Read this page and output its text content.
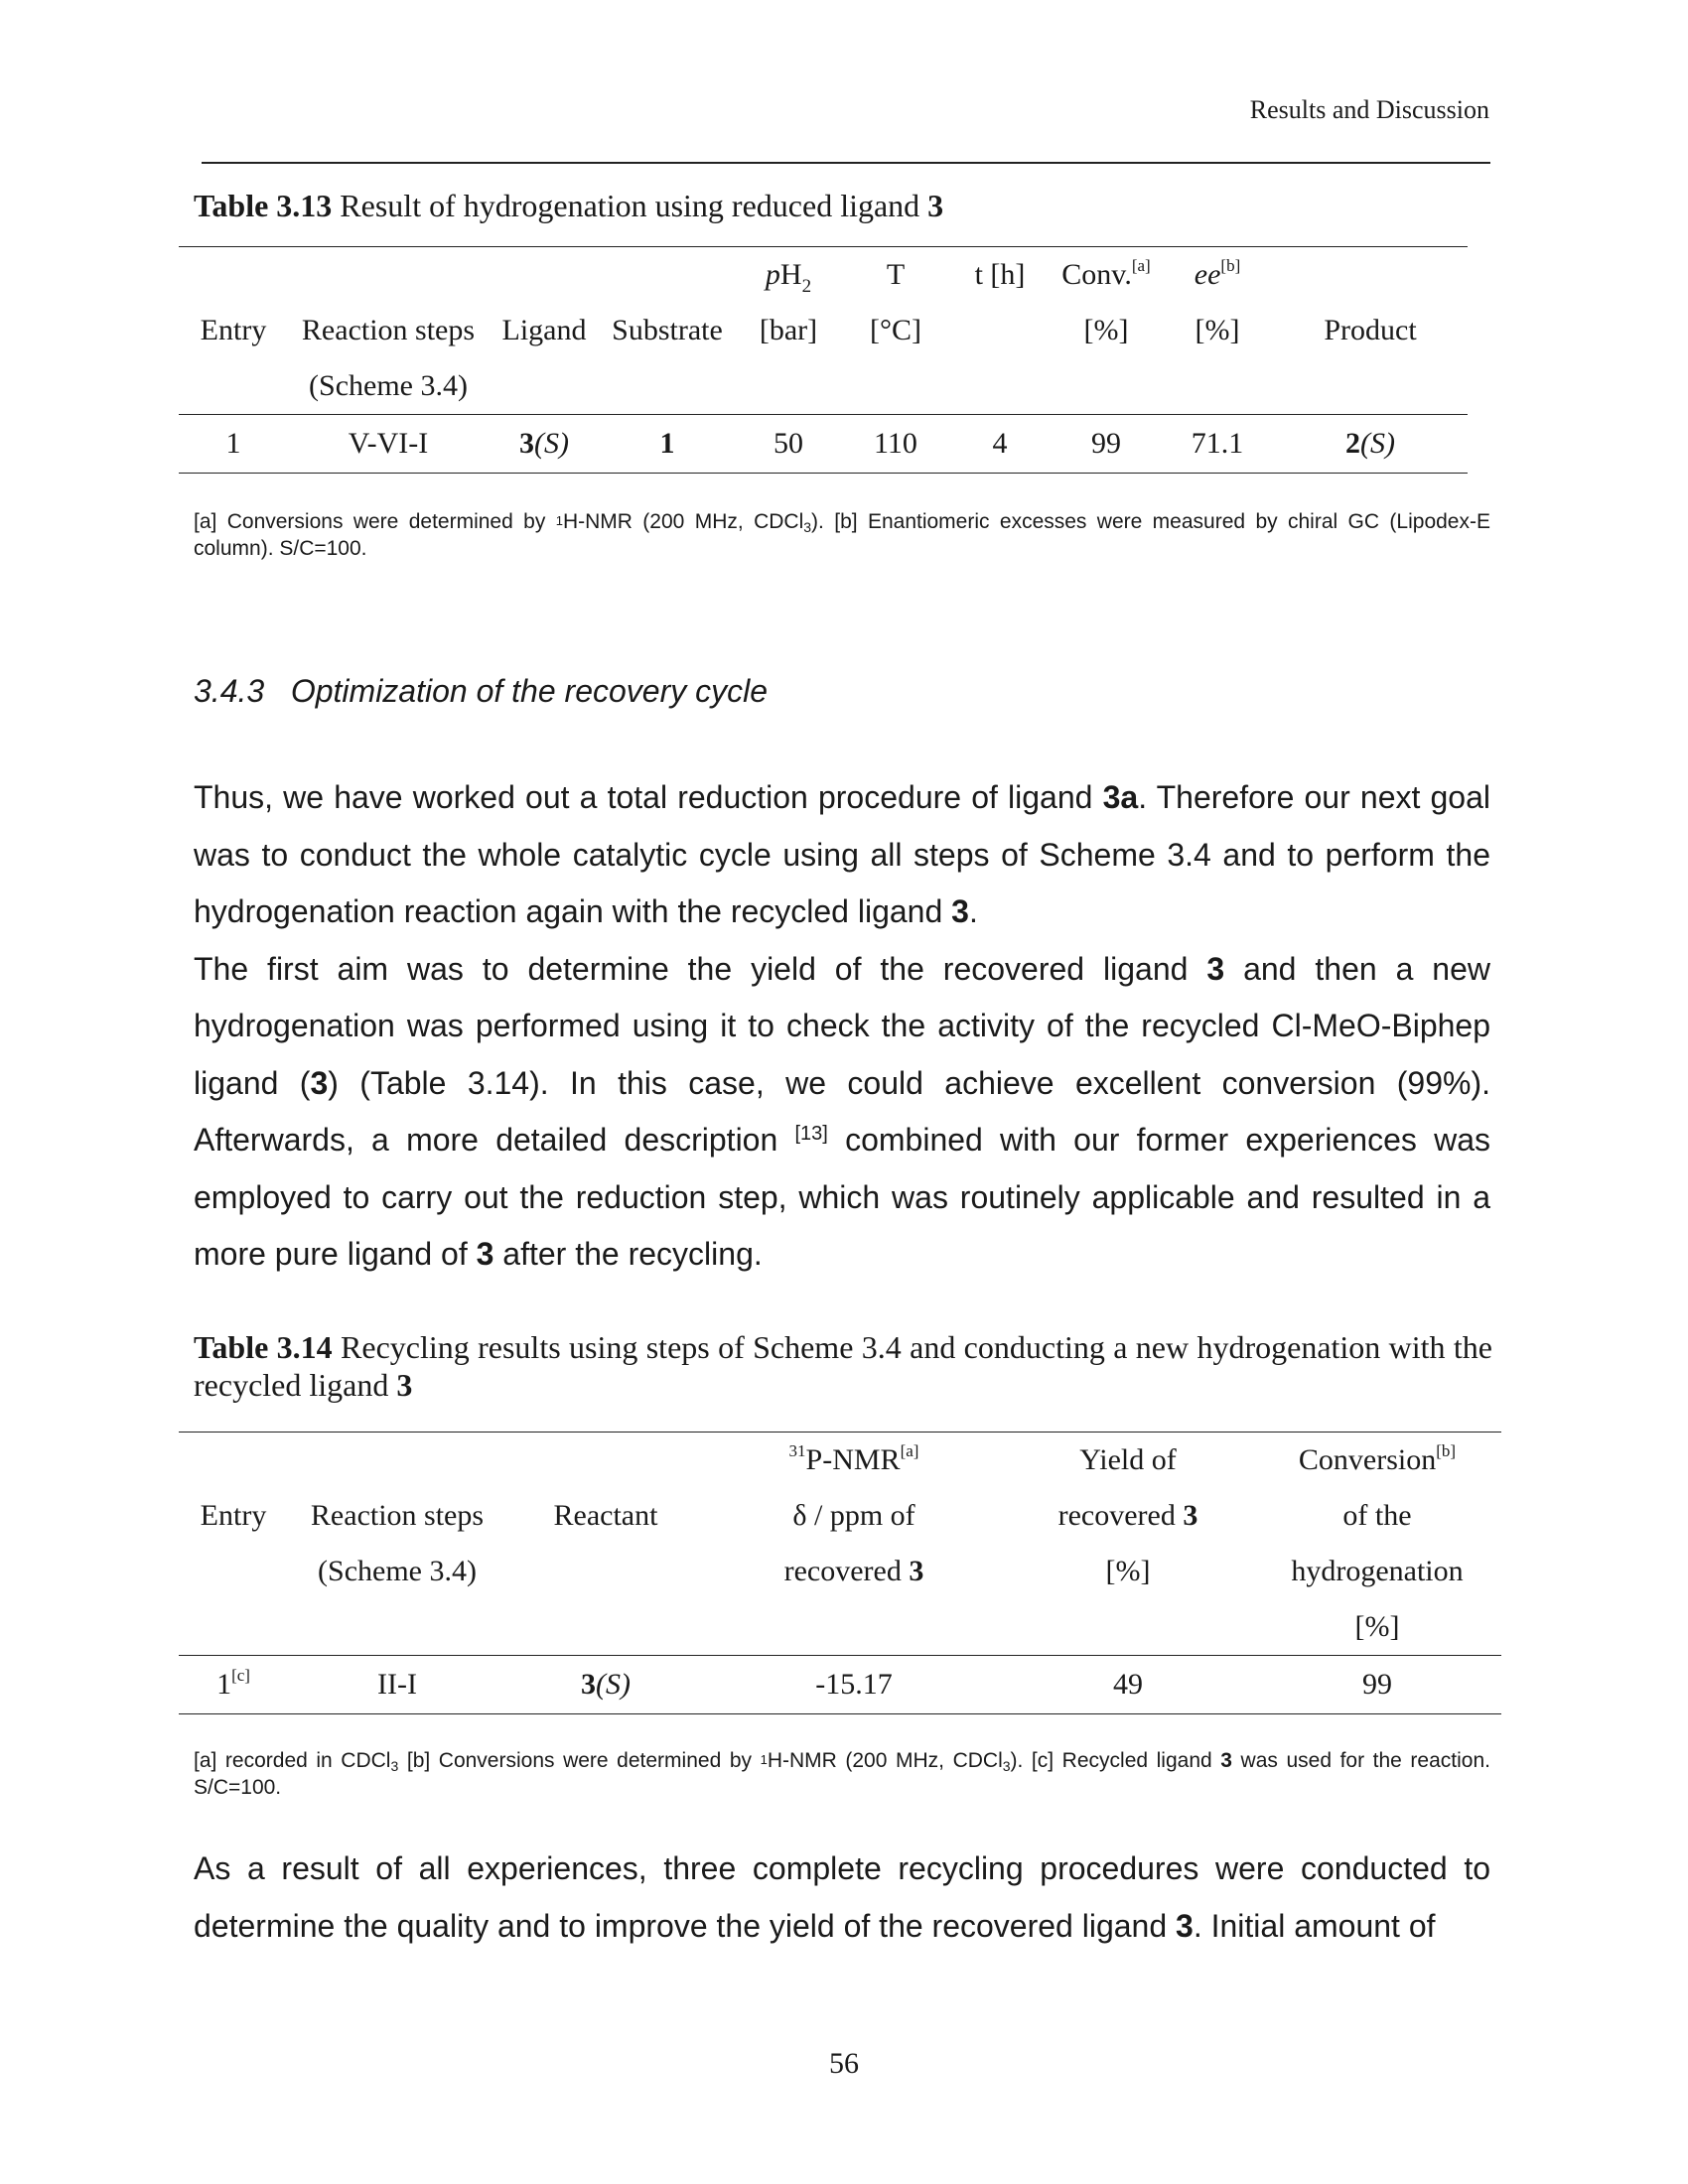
Results and Discussion
Table 3.13 Result of hydrogenation using reduced ligand 3
				$pH_2$	T	t [h]	Conv.[a]	ee[b]	
Entry	Reaction steps	Ligand	Substrate	[bar]	[°C]		[%]	[%]	Product
	(Scheme 3.4)								
1	V-VI-I	3(S)	1	50	110	4	99	71.1	2(S)
[a] Conversions were determined by $^1$H-NMR (200 MHz, CDCl$_3$). [b] Enantiomeric excesses were measured by chiral GC (Lipodex-E column). S/C=100.
3.4.3 Optimization of the recovery cycle

Thus, we have worked out a total reduction procedure of ligand 3a. Therefore our next goal was to conduct the whole catalytic cycle using all steps of Scheme 3.4 and to perform the hydrogenation reaction again with the recycled ligand 3.
The first aim was to determine the yield of the recovered ligand 3 and then a new hydrogenation was performed using it to check the activity of the recycled Cl-MeO-Biphep ligand (3) (Table 3.14). In this case, we could achieve excellent conversion (99%). Afterwards, a more detailed description [13] combined with our former experiences was employed to carry out the reduction step, which was routinely applicable and resulted in a more pure ligand of 3 after the recycling.

Table 3.14 Recycling results using steps of Scheme 3.4 and conducting a new hydrogenation with the recycled ligand 3
			$^{31}$P-NMR[a]	Yield of	Conversion[b]
Entry	Reaction steps	Reactant	δ / ppm of	recovered 3	of the
	(Scheme 3.4)		recovered 3	[%]	hydrogenation
					[%]
1[c]	II-I	3(S)	-15.17	49	99
[a] recorded in CDCl$_3$ [b] Conversions were determined by $^1$H-NMR (200 MHz, CDCl$_3$). [c] Recycled ligand 3 was used for the reaction. S/C=100.

As a result of all experiences, three complete recycling procedures were conducted to determine the quality and to improve the yield of the recovered ligand 3. Initial amount of

56
